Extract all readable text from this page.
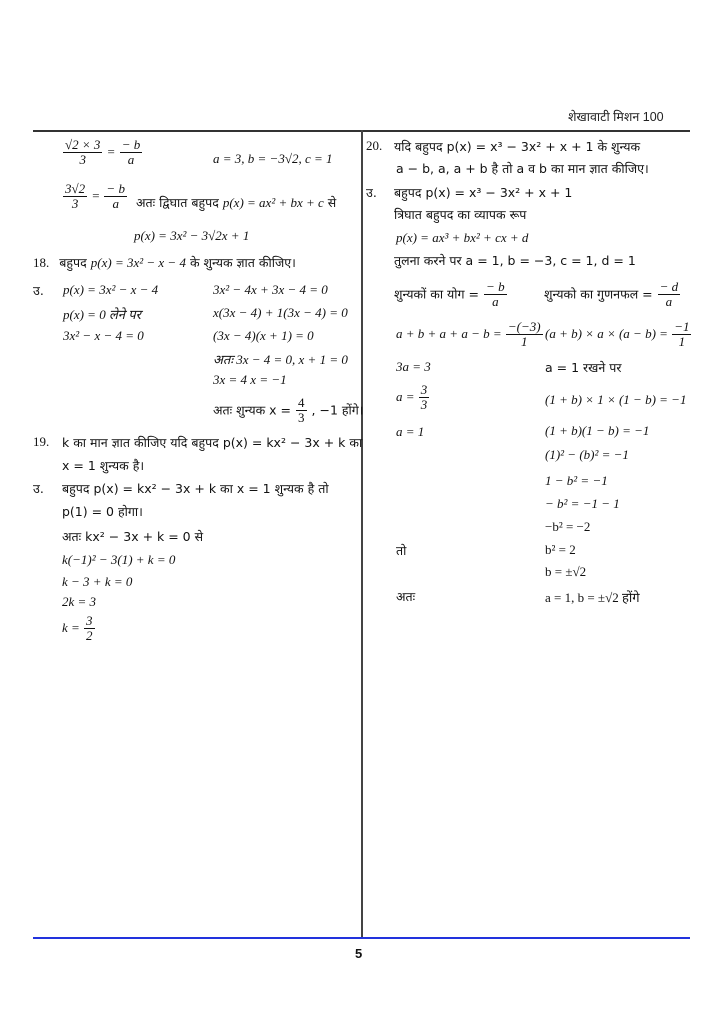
शेखावाटी मिशन 100
5
$\frac{√2 \times 3}{3} = \frac{- b}{a}$	a = 3, b = −3√2, c = 1
$\frac{3√2}{3} = \frac{- b}{a}$ अतः द्विघात बहुपद p(x) = ax² + bx + c से
p(x) = 3x² − 3√2x + 1
18. बहुपद p(x) = 3x² − x − 4 के शुन्यक ज्ञात कीजिए।
उ. p(x) = 3x² − x − 4
p(x) = 0 लेने पर
3x² − x − 4 = 0
3x² − 4x + 3x − 4 = 0
x(3x − 4) + 1(3x − 4) = 0
(3x − 4)(x + 1) = 0
अतः 3x − 4 = 0, x + 1 = 0
3x = 4 x = −1
अतः शुन्यक $x = \frac{4}{3}$ , −1 होंगे।
19. k का मान ज्ञात कीजिए यदि बहुपद p(x) = kx² − 3x + k का
x = 1 शुन्यक है।
उ. बहुपद p(x) = kx² − 3x + k का x = 1 शुन्यक है तो
p(1) = 0 होगा।
अतः kx² − 3x + k = 0 से
k(−1)² − 3(1) + k = 0
k − 3 + k = 0
2k = 3
$k = \frac{3}{2}$
20. यदि बहुपद p(x) = x³ − 3x² + x + 1 के शुन्यक
a − b, a, a + b है तो a व b का मान ज्ञात कीजिए।
उ. बहुपद p(x) = x³ − 3x² + x + 1
त्रिघात बहुपद का व्यापक रूप
p(x) = ax³ + bx² + cx + d
तुलना करने पर a = 1, b = −3, c = 1, d = 1
शुन्यकों का योग = $\frac{- b}{a}$	शुन्यको का गुणनफल = $\frac{- d}{a}$
$a + b + a + a - b = \frac{-(-3)}{1} (a + b) \times a \times (a - b) = \frac{-1}{1}$
3a = 3
$a = \frac{3}{3}$
a = 1
a = 1 रखने पर
(1 + b) × 1 × (1 − b) = −1
(1 + b)(1 − b) = −1
(1)² − (b)² = −1
1 − b² = −1
− b² = −1 − 1
−b² = −2
तो	b² = 2
b = ±√2
अतः	a = 1, b = ±√2 होंगे
